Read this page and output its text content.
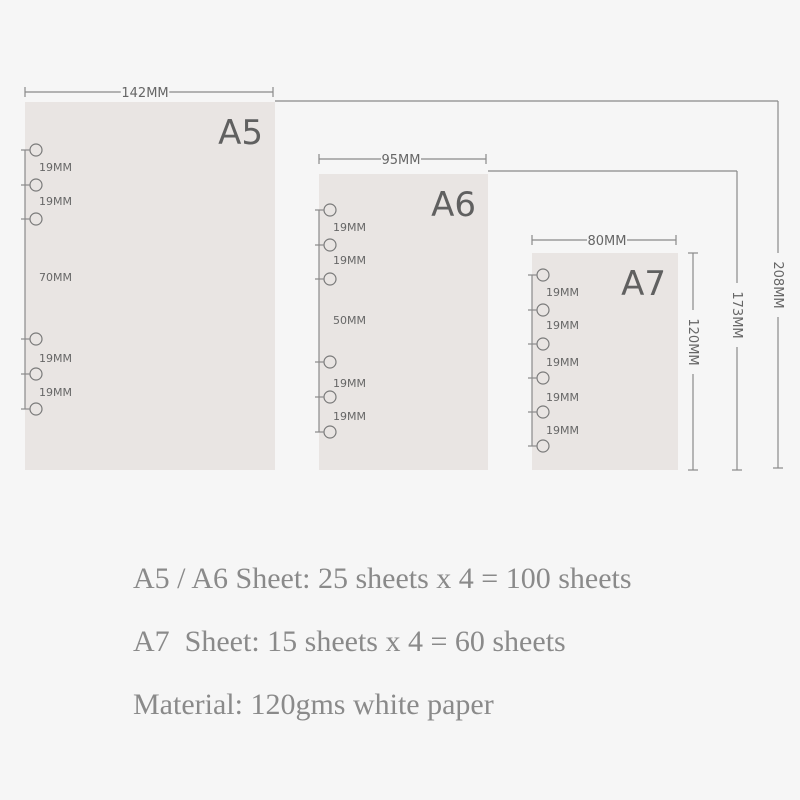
A5
142MM
19MM
19MM
70MM
19MM
19MM
208MM
A6
95MM
19MM
19MM
50MM
19MM
19MM
173MM
A7
80MM
19MM
19MM
19MM
19MM
19MM
120MM
A5 / A6 Sheet: 25 sheets x 4 = 100 sheets
A7  Sheet: 15 sheets x 4 = 60 sheets
Material: 120gms white paper
